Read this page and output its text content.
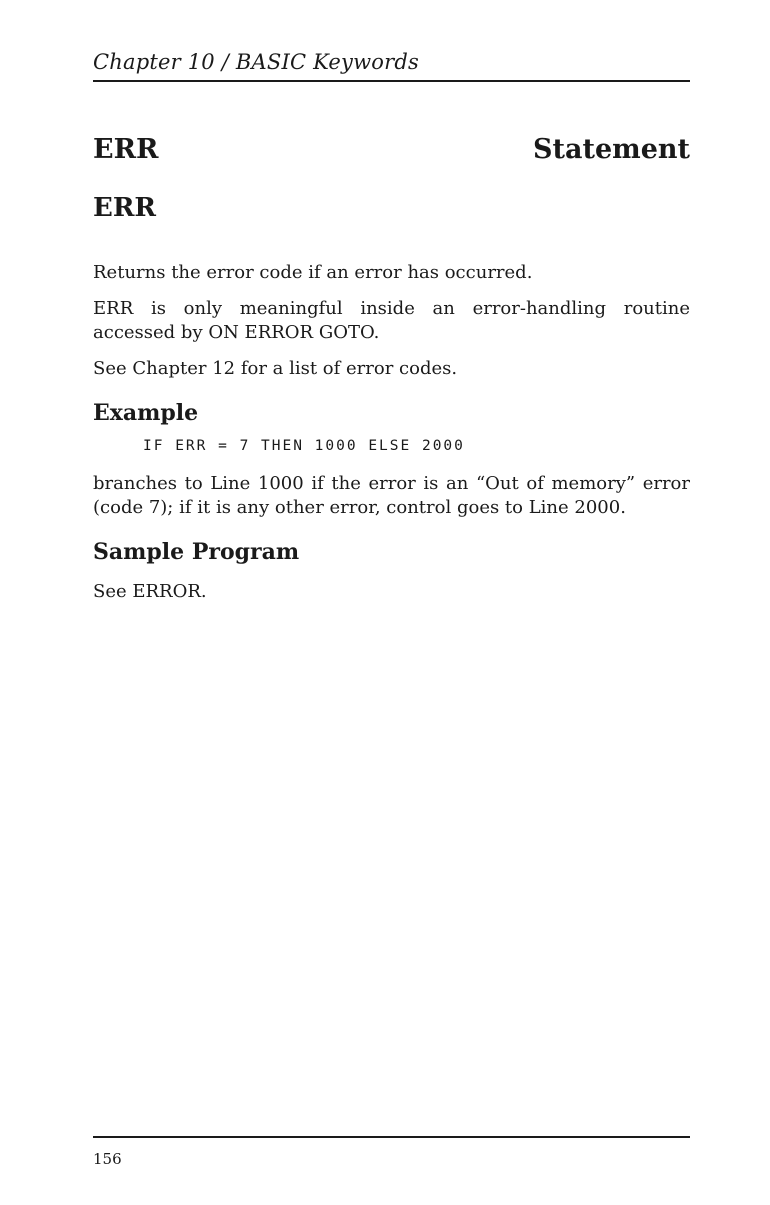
Chapter 10 / BASIC Keywords
ERR	Statement
ERR
Returns the error code if an error has occurred.
ERR is only meaningful inside an error-handling routine accessed by ON ERROR GOTO.
See Chapter 12 for a list of error codes.
Example
IF ERR = 7 THEN 1000 ELSE 2000
branches to Line 1000 if the error is an “Out of memory” error (code 7); if it is any other error, control goes to Line 2000.
Sample Program
See ERROR.
156
